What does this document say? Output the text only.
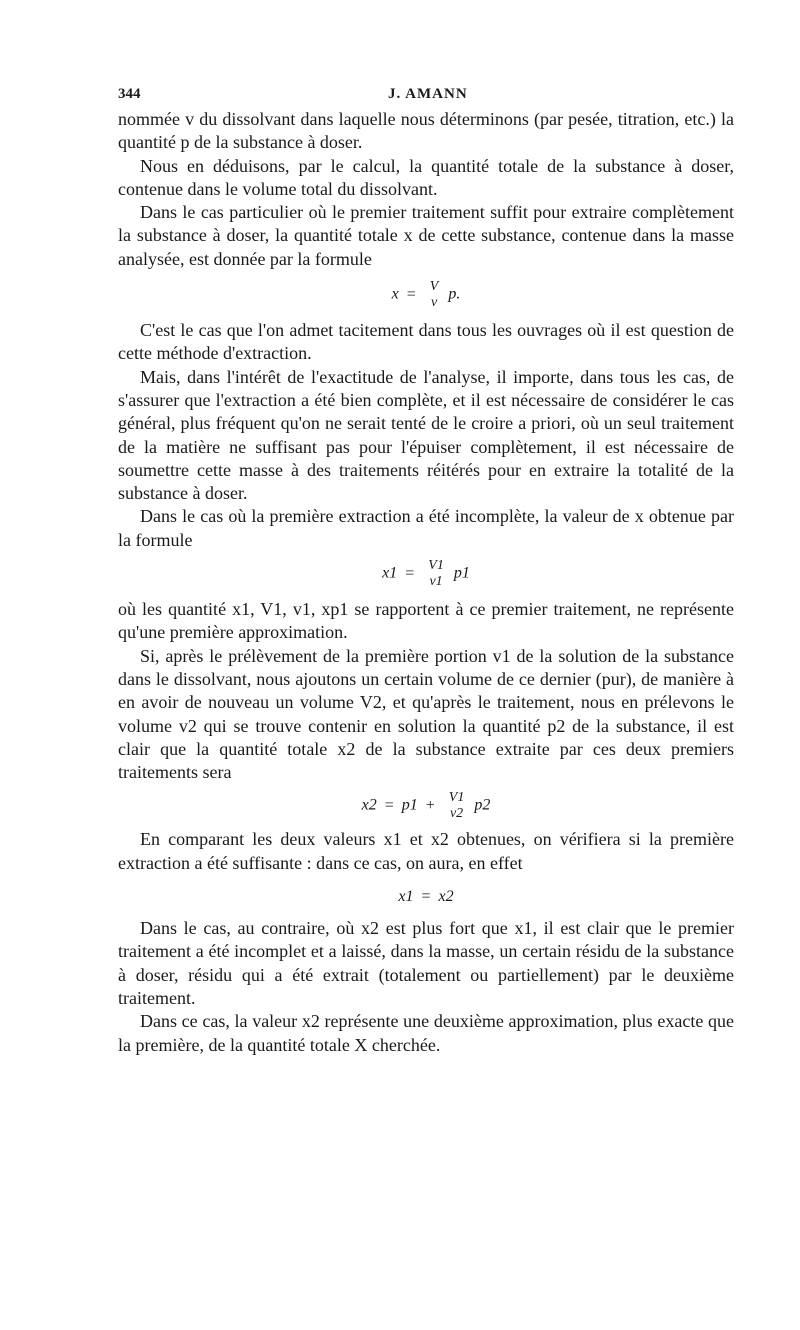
344	J. AMANN

nommée v du dissolvant dans laquelle nous déterminons (par pesée, titration, etc.) la quantité p de la substance à doser.

Nous en déduisons, par le calcul, la quantité totale de la substance à doser, contenue dans le volume total du dissolvant.

Dans le cas particulier où le premier traitement suffit pour extraire complètement la substance à doser, la quantité totale x de cette substance, contenue dans la masse analysée, est donnée par la formule

x = V
v p.

C'est le cas que l'on admet tacitement dans tous les ouvrages où il est question de cette méthode d'extraction.

Mais, dans l'intérêt de l'exactitude de l'analyse, il importe, dans tous les cas, de s'assurer que l'extraction a été bien complète, et il est nécessaire de considérer le cas général, plus fréquent qu'on ne serait tenté de le croire a priori, où un seul traitement de la matière ne suffisant pas pour l'épuiser complètement, il est nécessaire de soumettre cette masse à des traitements réitérés pour en extraire la totalité de la substance à doser.

Dans le cas où la première extraction a été incomplète, la valeur de x obtenue par la formule

x1 = V1
v1 p1

où les quantité x1, V1, v1, xp1 se rapportent à ce premier traitement, ne représente qu'une première approximation.

Si, après le prélèvement de la première portion v1 de la solution de la substance dans le dissolvant, nous ajoutons un certain volume de ce dernier (pur), de manière à en avoir de nouveau un volume V2, et qu'après le traitement, nous en prélevons le volume v2 qui se trouve contenir en solution la quantité p2 de la substance, il est clair que la quantité totale x2 de la substance extraite par ces deux premiers traitements sera

x2 = p1 + V1
v2 p2

En comparant les deux valeurs x1 et x2 obtenues, on vérifiera si la première extraction a été suffisante : dans ce cas, on aura, en effet

x1 = x2

Dans le cas, au contraire, où x2 est plus fort que x1, il est clair que le premier traitement a été incomplet et a laissé, dans la masse, un certain résidu de la substance à doser, résidu qui a été extrait (totalement ou partiellement) par le deuxième traitement.

Dans ce cas, la valeur x2 représente une deuxième approximation, plus exacte que la première, de la quantité totale X cherchée.
